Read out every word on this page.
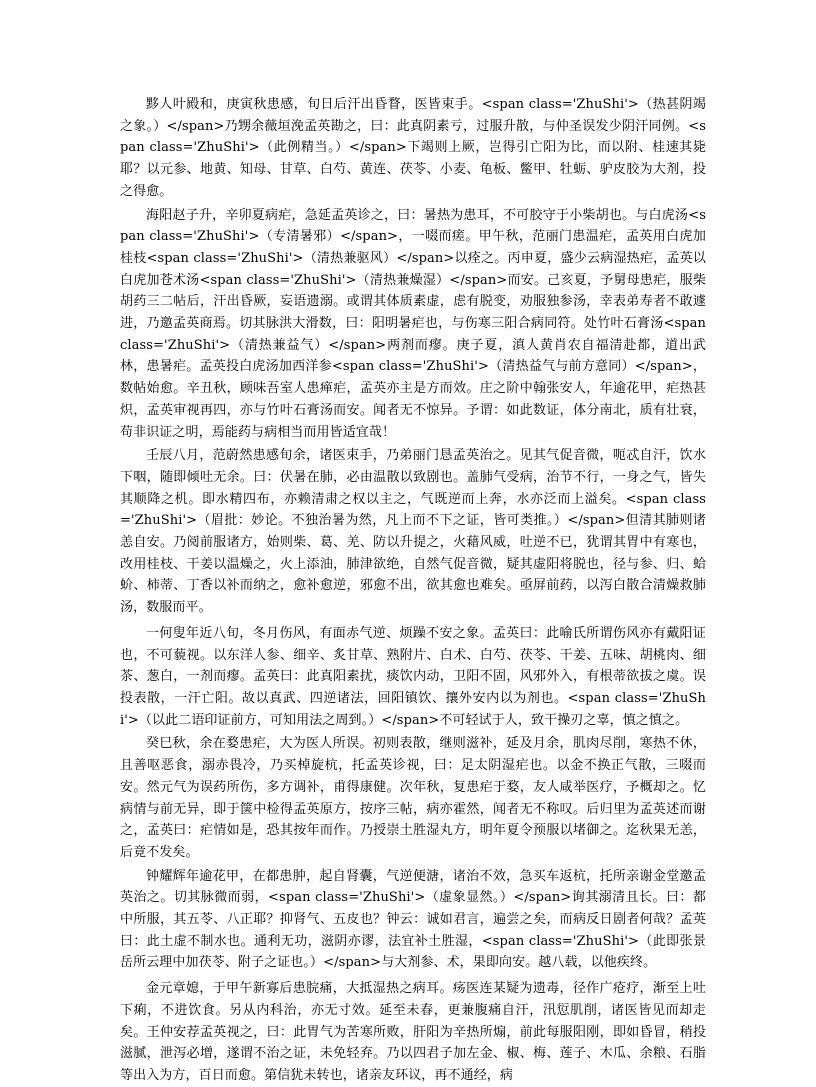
黟人叶殿和，庚寅秋患感，旬日后汗出昏瞀，医皆束手。<span class='ZhuShi'>（热甚阴竭之象。）</span>乃甥余薇垣浼孟英勘之，曰：此真阴素亏，过服升散，与仲圣误发少阴汗同例。<span class='ZhuShi'>（此例精当。）</span>下竭则上厥，岂得引亡阳为比，而以附、桂速其毙耶？以元参、地黄、知母、甘草、白芍、黄连、茯苓、小麦、龟板、鳖甲、牡蛎、驴皮胶为大剂，投之得愈。

海阳赵子升，辛卯夏病疟，急延孟英诊之，曰：暑热为患耳，不可胶守于小柴胡也。与白虎汤<span class='ZhuShi'>（专清暑邪）</span>，一啜而瘥。甲午秋，范丽门患温疟，孟英用白虎加桂枝<span class='ZhuShi'>（清热兼驱风）</span>以痊之。丙申夏，盛少云病湿热疟，孟英以白虎加苍术汤<span class='ZhuShi'>（清热兼燥湿）</span>而安。己亥夏，予舅母患疟，服柴胡药三二帖后，汗出昏厥，妄语遗溺。或谓其体质素虚，虑有脱变，劝服独参汤，幸表弟寿者不敢遽进，乃邀孟英商焉。切其脉洪大滑数，曰：阳明暑疟也，与伤寒三阳合病同符。处竹叶石膏汤<span class='ZhuShi'>（清热兼益气）</span>两剂而瘳。庚子夏，滇人黄肖农自福清赴都，道出武林，患暑疟。孟英投白虎汤加西洋参<span class='ZhuShi'>（清热益气与前方意同）</span>，数帖始愈。辛丑秋，顾味吾室人患瘅疟，孟英亦主是方而效。庄之阶中翰张安人，年逾花甲，疟热甚炽，孟英审视再四，亦与竹叶石膏汤而安。闻者无不惊异。予谓：如此数证，体分南北，质有壮衰，苟非识证之明，焉能药与病相当而用皆适宜哉！

壬辰八月，范蔚然患感旬余，诸医束手，乃弟丽门恳孟英治之。见其气促音微，呃忒自汗，饮水下咽，随即倾吐无余。曰：伏暑在肺，必由温散以致剧也。盖肺气受病，治节不行，一身之气，皆失其顺降之机。即水精四布，亦赖清肃之权以主之，气既逆而上奔，水亦泛而上溢矣。<span class='ZhuShi'>（眉批：妙论。不独治暑为然，凡上而不下之证，皆可类推。）</span>但清其肺则诸恙自安。乃阅前服诸方，始则柴、葛、羌、防以升提之，火藉风威，吐逆不已，犹谓其胃中有寒也，改用桂枝、干姜以温燥之，火上添油，肺津欲绝，自然气促音微，疑其虚阳将脱也，径与参、归、蛤蚧、柿蒂、丁香以补而纳之，愈补愈逆，邪愈不出，欲其愈也难矣。亟屏前药，以泻白散合清燥救肺汤，数服而平。

一何叟年近八旬，冬月伤风，有面赤气逆、烦躁不安之象。孟英曰：此喻氏所谓伤风亦有戴阳证也，不可藐视。以东洋人参、细辛、炙甘草、熟附片、白术、白芍、茯苓、干姜、五味、胡桃肉、细茶、葱白，一剂而瘳。孟英曰：此真阳素扰，痰饮内动，卫阳不固，风邪外入，有根蒂欲拔之虞。误投表散，一汗亡阳。故以真武、四逆诸法，回阳镇饮、攘外安内以为剂也。<span class='ZhuShi'>（以此二语印证前方，可知用法之周到。）</span>不可轻试于人，致干操刃之辜，慎之慎之。

癸巳秋，余在婺患疟，大为医人所误。初则表散，继则滋补，延及月余，肌肉尽削，寒热不休，且善呕恶食，溺赤畏冷，乃买棹旋杭，托孟英诊视，曰：足太阴湿疟也。以金不换正气散，三啜而安。然元气为误药所伤，多方调补，甫得康健。次年秋，复患疟于婺，友人咸举医疗，予概却之。忆病情与前无异，即于箧中检得孟英原方，按序三帖，病亦霍然，闻者无不称叹。后归里为孟英述而谢之，孟英曰：疟情如是，恐其按年而作。乃授崇土胜湿丸方，明年夏令预服以堵御之。迄秋果无恙，后竟不发矣。

钟耀辉年逾花甲，在都患肿，起自肾囊，气逆便溏，诸治不效，急买车返杭，托所亲谢金堂邀孟英治之。切其脉微而弱，<span class='ZhuShi'>（虚象显然。）</span>询其溺清且长。曰：都中所服，其五苓、八正耶？抑肾气、五皮也？钟云：诚如君言，遍尝之矣，而病反日剧者何哉？孟英曰：此土虚不制水也。通利无功，滋阴亦谬，法宜补土胜湿，<span class='ZhuShi'>（此即张景岳所云理中加茯苓、附子之证也。）</span>与大剂参、术，果即向安。越八载，以他疾终。

金元章媳，于甲午新寡后患脘痛，大抵湿热之病耳。疡医连某疑为遗毒，径作广疮疗，渐至上吐下痢，不进饮食。另从内科治，亦无寸效。延至未春，更兼腹痛自汗，汛愆肌削，诸医皆见而却走矣。王仲安荐孟英视之，曰：此胃气为苦寒所败，肝阳为辛热所煽，前此每服阳刚，即如昏冒，稍投滋腻，泄泻必增，遂谓不治之证，未免轻弃。乃以四君子加左金、椒、梅、莲子、木瓜、余粮、石脂等出入为方，百日而愈。第信犹未转也，诸亲友环议，再不通经，病
